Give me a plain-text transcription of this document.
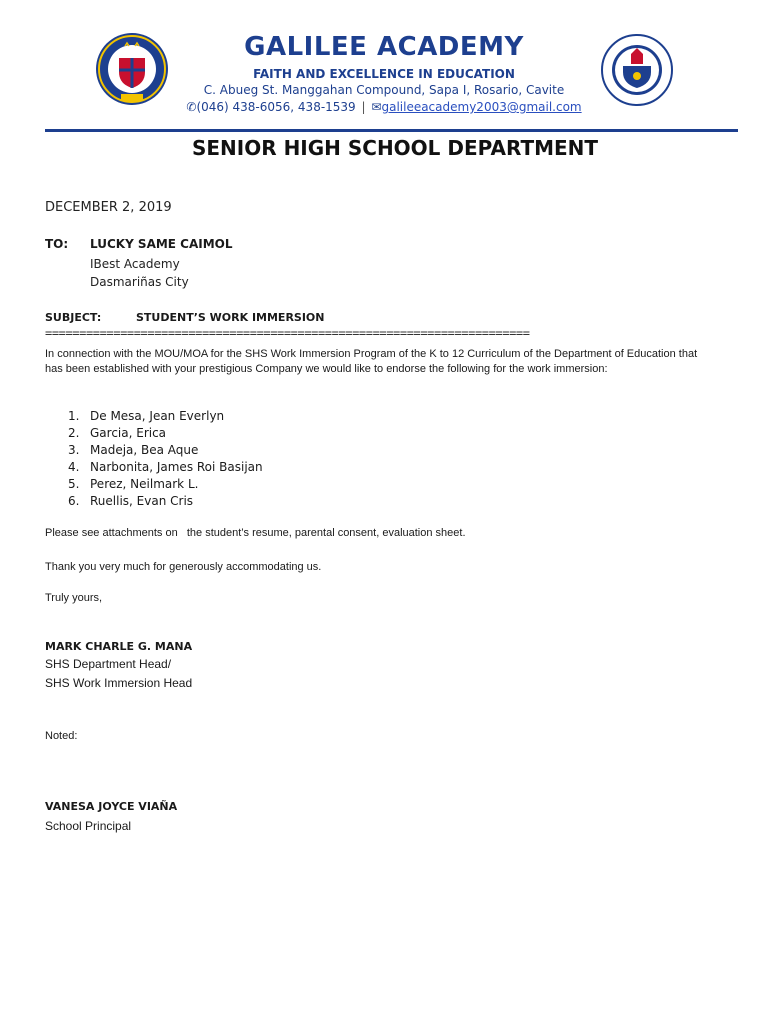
GALILEE ACADEMY
FAITH AND EXCELLENCE IN EDUCATION
C. Abueg St. Manggahan Compound, Sapa I, Rosario, Cavite
✆(046) 438-6056, 438-1539 | ✉galileeacademy2003@gmail.com
SENIOR HIGH SCHOOL DEPARTMENT
DECEMBER 2, 2019
TO: LUCKY SAME CAIMOL
IBest Academy
Dasmariñas City
SUBJECT:	STUDENT’S WORK IMMERSION
=======================================================================
In connection with the MOU/MOA for the SHS Work Immersion Program of the K to 12 Curriculum of the Department of Education that has been established with your prestigious Company we would like to endorse the following for the work immersion:
1. De Mesa, Jean Everlyn
2. Garcia, Erica
3. Madeja, Bea Aque
4. Narbonita, James Roi Basijan
5. Perez, Neilmark L.
6. Ruellis, Evan Cris
Please see attachments on   the student’s resume, parental consent, evaluation sheet.
Thank you very much for generously accommodating us.
Truly yours,
MARK CHARLE G. MANA
SHS Department Head/
SHS Work Immersion Head
Noted:
VANESA JOYCE VIAÑA
School Principal
